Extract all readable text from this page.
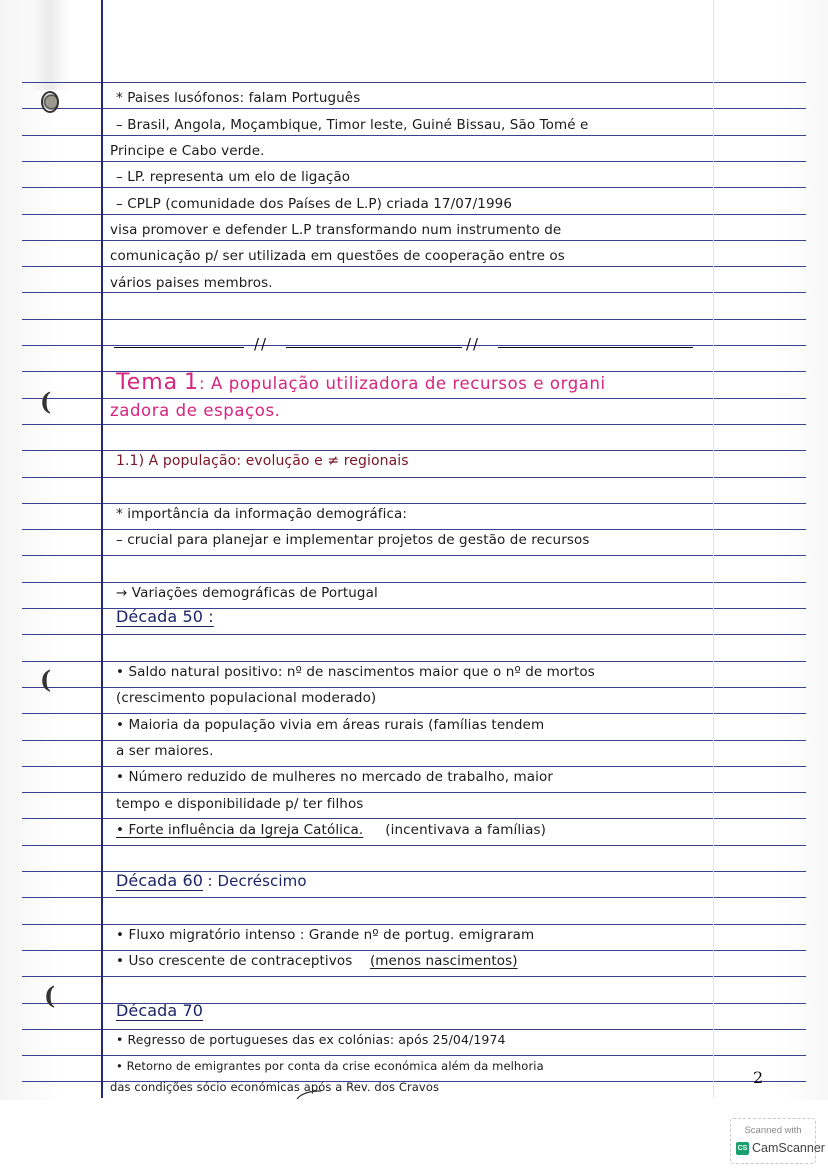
(
(
(
* Paises lusófonos: falam Português
– Brasil, Angola, Moçambique, Timor leste, Guiné Bissau, São Tomé e
Principe e Cabo verde.
– LP. representa um elo de ligação
– CPLP (comunidade dos Países de L.P) criada 17/07/1996
visa promover e defender L.P transformando num instrumento de
comunicação p/ ser utilizada em questões de cooperação entre os
vários paises membros.
//	//
Tema 1: A população utilizadora de recursos e organi
zadora de espaços.
1.1) A população: evolução e ≠ regionais
* importância da informação demográfica:
– crucial para planejar e implementar projetos de gestão de recursos
→ Variações demográficas de Portugal
Década 50 :
• Saldo natural positivo: nº de nascimentos maior que o nº de mortos
(crescimento populacional moderado)
• Maioria da população vivia em áreas rurais (famílias tendem
a ser maiores.
• Número reduzido de mulheres no mercado de trabalho, maior
tempo e disponibilidade p/ ter filhos
• Forte influência da Igreja Católica. (incentivava a famílias)
Década 60 : Decréscimo
• Fluxo migratório intenso : Grande nº de portug. emigraram
• Uso crescente de contraceptivos (menos nascimentos)
Década 70
• Regresso de portugueses das ex colónias: após 25/04/1974
• Retorno de emigrantes por conta da crise económica além da melhoria
das condições sócio económicas após a Rev. dos Cravos	2
Scanned with
CS CamScanner
